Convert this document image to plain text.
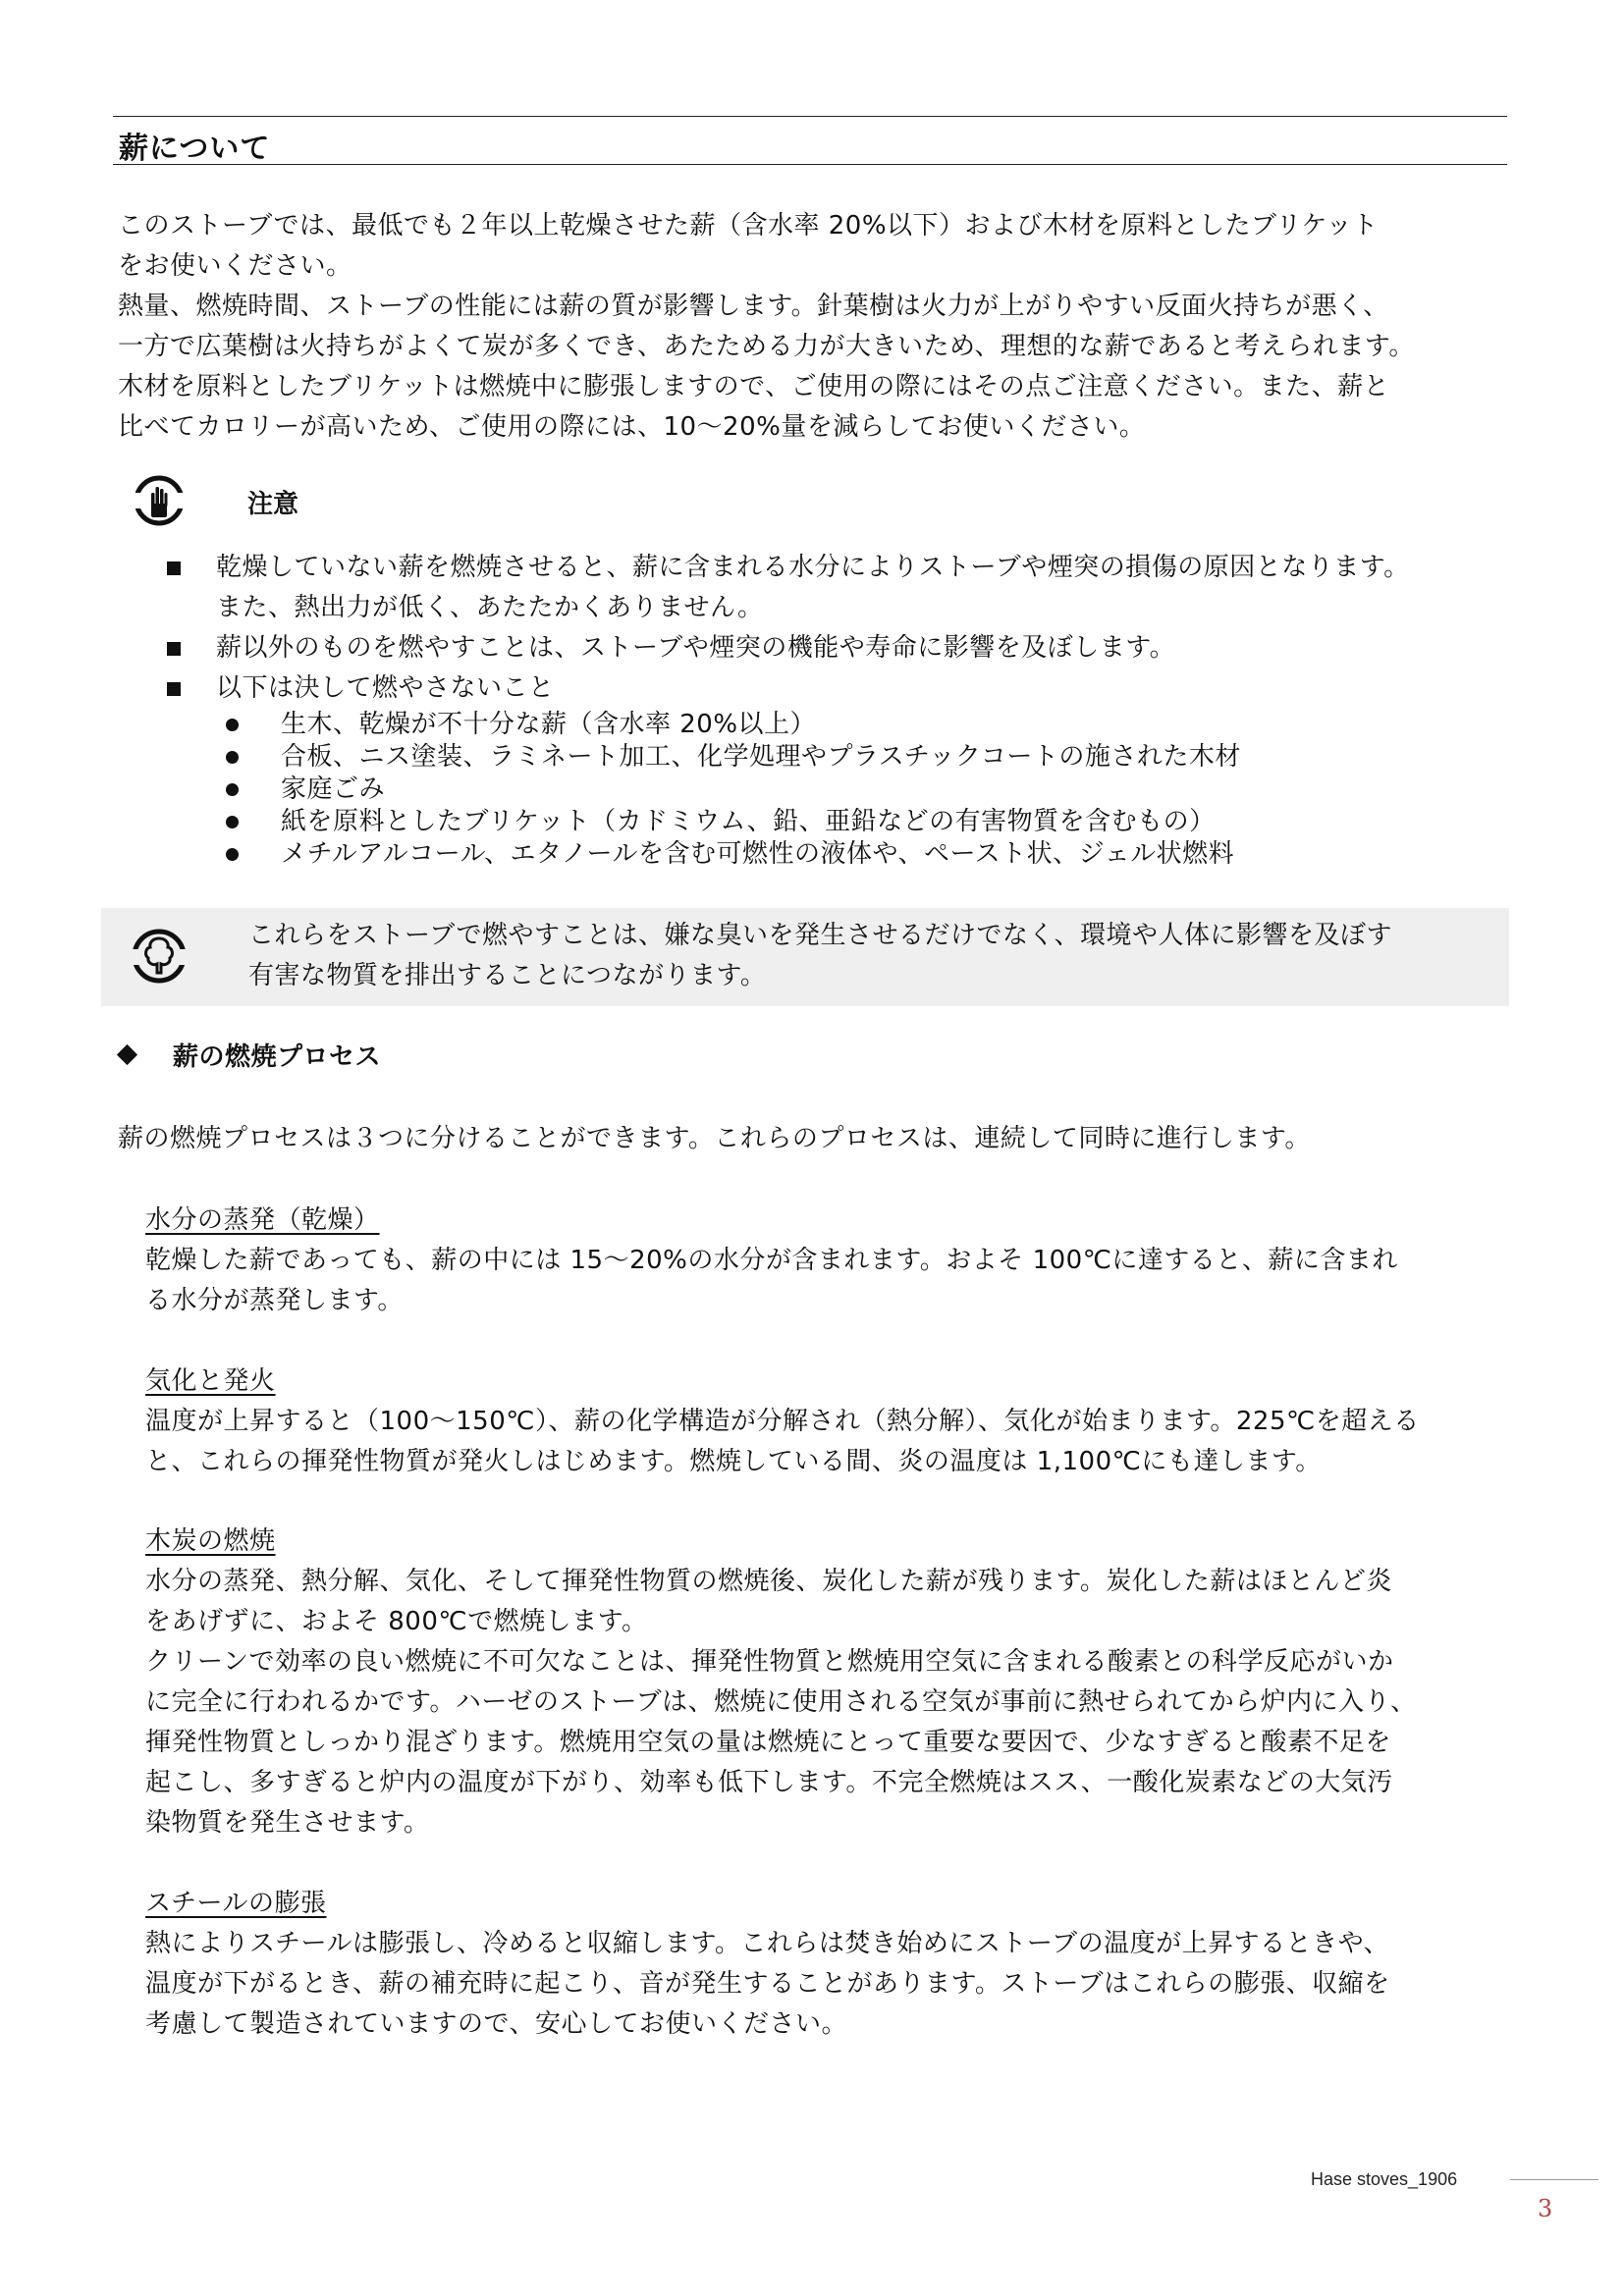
薪について
このストーブでは、最低でも２年以上乾燥させた薪（含水率 20%以下）および木材を原料としたブリケット
をお使いください。
熱量、燃焼時間、ストーブの性能には薪の質が影響します。針葉樹は火力が上がりやすい反面火持ちが悪く、
一方で広葉樹は火持ちがよくて炭が多くでき、あたためる力が大きいため、理想的な薪であると考えられます。
木材を原料としたブリケットは燃焼中に膨張しますので、ご使用の際にはその点ご注意ください。また、薪と
比べてカロリーが高いため、ご使用の際には、10〜20%量を減らしてお使いください。
注意
乾燥していない薪を燃焼させると、薪に含まれる水分によりストーブや煙突の損傷の原因となります。
また、熱出力が低く、あたたかくありません。
薪以外のものを燃やすことは、ストーブや煙突の機能や寿命に影響を及ぼします。
以下は決して燃やさないこと
生木、乾燥が不十分な薪（含水率 20%以上）
合板、ニス塗装、ラミネート加工、化学処理やプラスチックコートの施された木材
家庭ごみ
紙を原料としたブリケット（カドミウム、鉛、亜鉛などの有害物質を含むもの）
メチルアルコール、エタノールを含む可燃性の液体や、ペースト状、ジェル状燃料
これらをストーブで燃やすことは、嫌な臭いを発生させるだけでなく、環境や人体に影響を及ぼす
有害な物質を排出することにつながります。
薪の燃焼プロセス
薪の燃焼プロセスは３つに分けることができます。これらのプロセスは、連続して同時に進行します。
水分の蒸発（乾燥）
乾燥した薪であっても、薪の中には 15〜20%の水分が含まれます。およそ 100℃に達すると、薪に含まれ
る水分が蒸発します。
気化と発火
温度が上昇すると（100〜150℃）、薪の化学構造が分解され（熱分解）、気化が始まります。225℃を超える
と、これらの揮発性物質が発火しはじめます。燃焼している間、炎の温度は 1,100℃にも達します。
木炭の燃焼
水分の蒸発、熱分解、気化、そして揮発性物質の燃焼後、炭化した薪が残ります。炭化した薪はほとんど炎
をあげずに、およそ 800℃で燃焼します。
クリーンで効率の良い燃焼に不可欠なことは、揮発性物質と燃焼用空気に含まれる酸素との科学反応がいか
に完全に行われるかです。ハーゼのストーブは、燃焼に使用される空気が事前に熱せられてから炉内に入り、
揮発性物質としっかり混ざります。燃焼用空気の量は燃焼にとって重要な要因で、少なすぎると酸素不足を
起こし、多すぎると炉内の温度が下がり、効率も低下します。不完全燃焼はスス、一酸化炭素などの大気汚
染物質を発生させます。
スチールの膨張
熱によりスチールは膨張し、冷めると収縮します。これらは焚き始めにストーブの温度が上昇するときや、
温度が下がるとき、薪の補充時に起こり、音が発生することがあります。ストーブはこれらの膨張、収縮を
考慮して製造されていますので、安心してお使いください。
Hase stoves_1906
3
